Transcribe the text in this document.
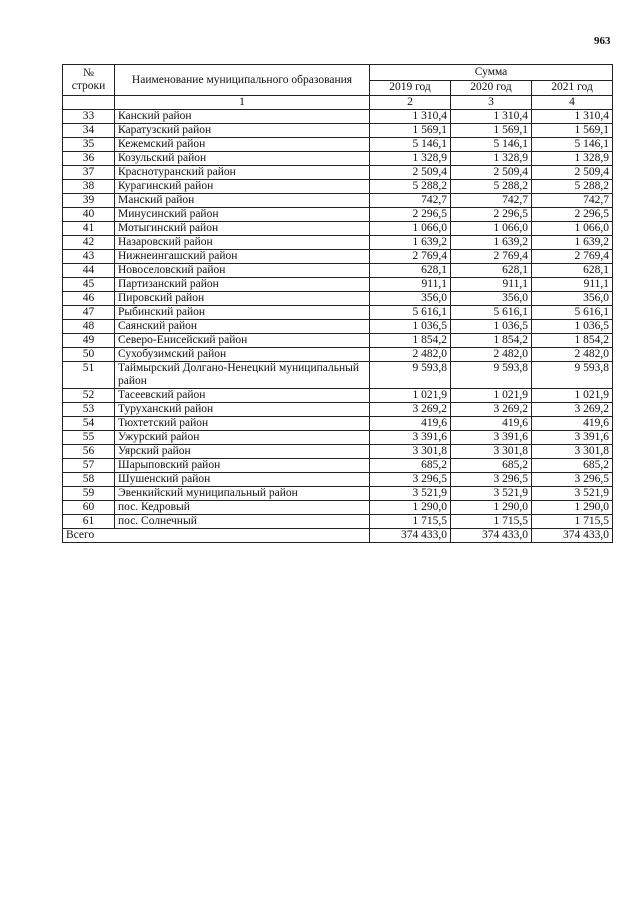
963
№ строки	Наименование муниципального образования	Сумма		
		2019 год	2020 год	2021 год
	1	2	3	4
33	Канский район	1 310,4	1 310,4	1 310,4
34	Каратузский район	1 569,1	1 569,1	1 569,1
35	Кежемский район	5 146,1	5 146,1	5 146,1
36	Козульский район	1 328,9	1 328,9	1 328,9
37	Краснотуранский район	2 509,4	2 509,4	2 509,4
38	Курагинский район	5 288,2	5 288,2	5 288,2
39	Манский район	742,7	742,7	742,7
40	Минусинский район	2 296,5	2 296,5	2 296,5
41	Мотыгинский район	1 066,0	1 066,0	1 066,0
42	Назаровский район	1 639,2	1 639,2	1 639,2
43	Нижнеингашский район	2 769,4	2 769,4	2 769,4
44	Новоселовский район	628,1	628,1	628,1
45	Партизанский район	911,1	911,1	911,1
46	Пировский район	356,0	356,0	356,0
47	Рыбинский район	5 616,1	5 616,1	5 616,1
48	Саянский район	1 036,5	1 036,5	1 036,5
49	Северо-Енисейский район	1 854,2	1 854,2	1 854,2
50	Сухобузимский район	2 482,0	2 482,0	2 482,0
51	Таймырский Долгано-Ненецкий муниципальный район	9 593,8	9 593,8	9 593,8
52	Тасеевский район	1 021,9	1 021,9	1 021,9
53	Туруханский район	3 269,2	3 269,2	3 269,2
54	Тюхтетский район	419,6	419,6	419,6
55	Ужурский район	3 391,6	3 391,6	3 391,6
56	Уярский район	3 301,8	3 301,8	3 301,8
57	Шарыповский район	685,2	685,2	685,2
58	Шушенский район	3 296,5	3 296,5	3 296,5
59	Эвенкийский муниципальный район	3 521,9	3 521,9	3 521,9
60	пос. Кедровый	1 290,0	1 290,0	1 290,0
61	пос. Солнечный	1 715,5	1 715,5	1 715,5
Всего		374 433,0	374 433,0	374 433,0
